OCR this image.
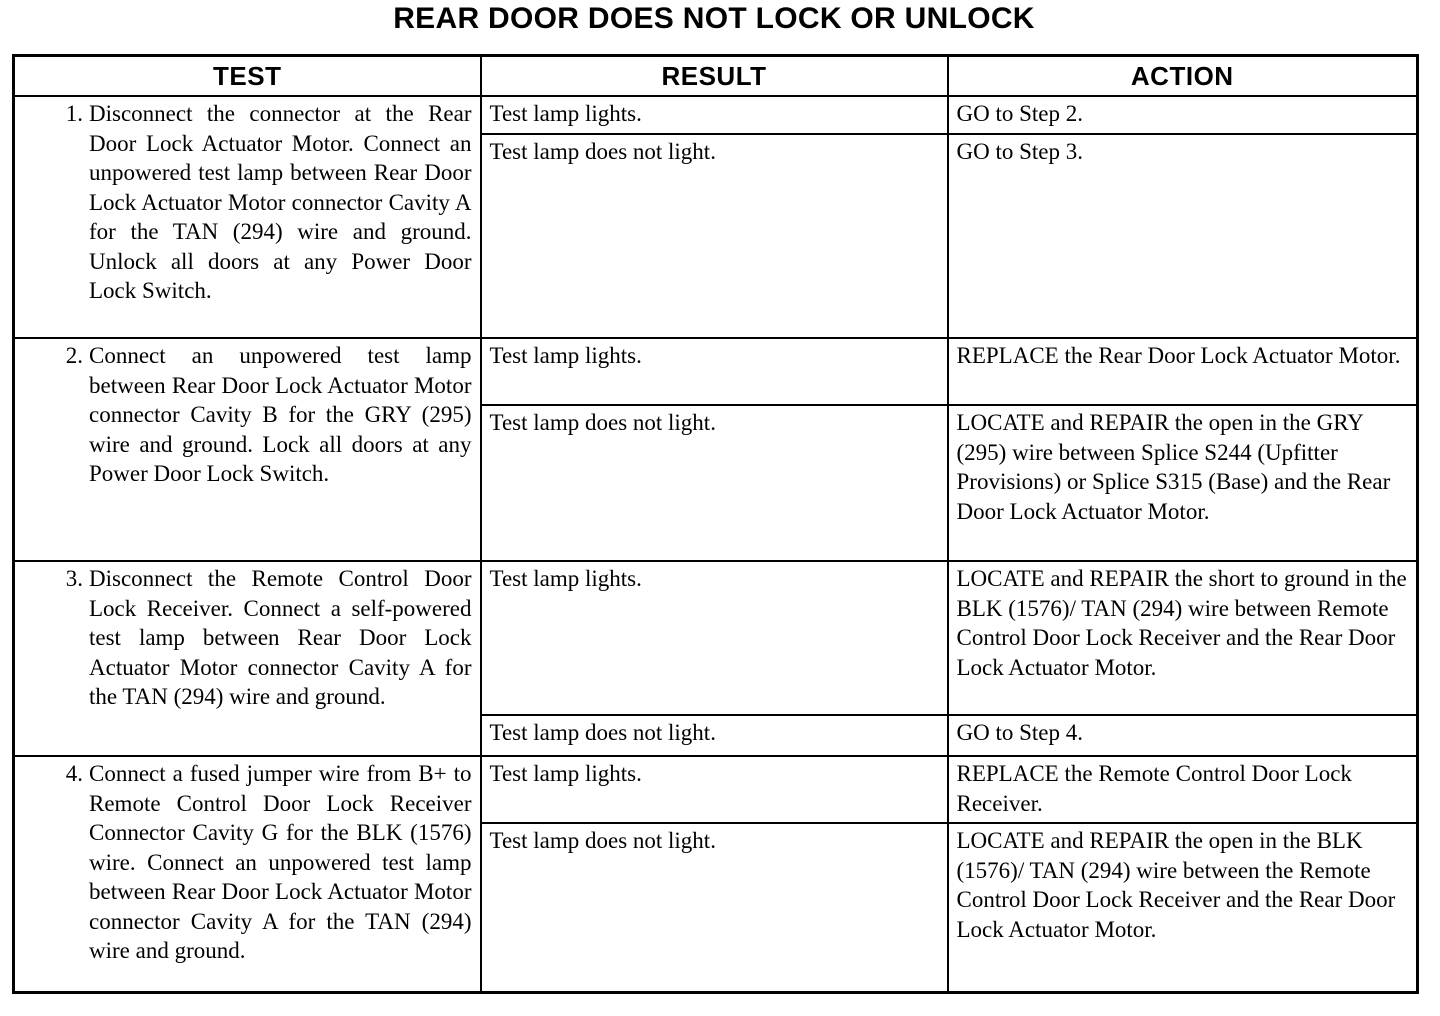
REAR DOOR DOES NOT LOCK OR UNLOCK
TEST	RESULT	ACTION

1. Disconnect the connector at the Rear Door Lock Actuator Motor. Connect an unpowered test lamp between Rear Door Lock Actuator Motor connector Cavity A for the TAN (294) wire and ground. Unlock all doors at any Power Door Lock Switch.	Test lamp lights.	GO to Step 2.
	Test lamp does not light.	GO to Step 3.

2. Connect an unpowered test lamp between Rear Door Lock Actuator Motor connector Cavity B for the GRY (295) wire and ground. Lock all doors at any Power Door Lock Switch.	Test lamp lights.	REPLACE the Rear Door Lock Actuator Motor.
	Test lamp does not light.	LOCATE and REPAIR the open in the GRY (295) wire between Splice S244 (Upfitter Provisions) or Splice S315 (Base) and the Rear Door Lock Actuator Motor.

3. Disconnect the Remote Control Door Lock Receiver. Connect a self-powered test lamp between Rear Door Lock Actuator Motor connector Cavity A for the TAN (294) wire and ground.	Test lamp lights.	LOCATE and REPAIR the short to ground in the BLK (1576)/ TAN (294) wire between Remote Control Door Lock Receiver and the Rear Door Lock Actuator Motor.
	Test lamp does not light.	GO to Step 4.

4. Connect a fused jumper wire from B+ to Remote Control Door Lock Receiver Connector Cavity G for the BLK (1576) wire. Connect an unpowered test lamp between Rear Door Lock Actuator Motor connector Cavity A for the TAN (294) wire and ground.	Test lamp lights.	REPLACE the Remote Control Door Lock Receiver.
	Test lamp does not light.	LOCATE and REPAIR the open in the BLK (1576)/ TAN (294) wire between the Remote Control Door Lock Receiver and the Rear Door Lock Actuator Motor.
